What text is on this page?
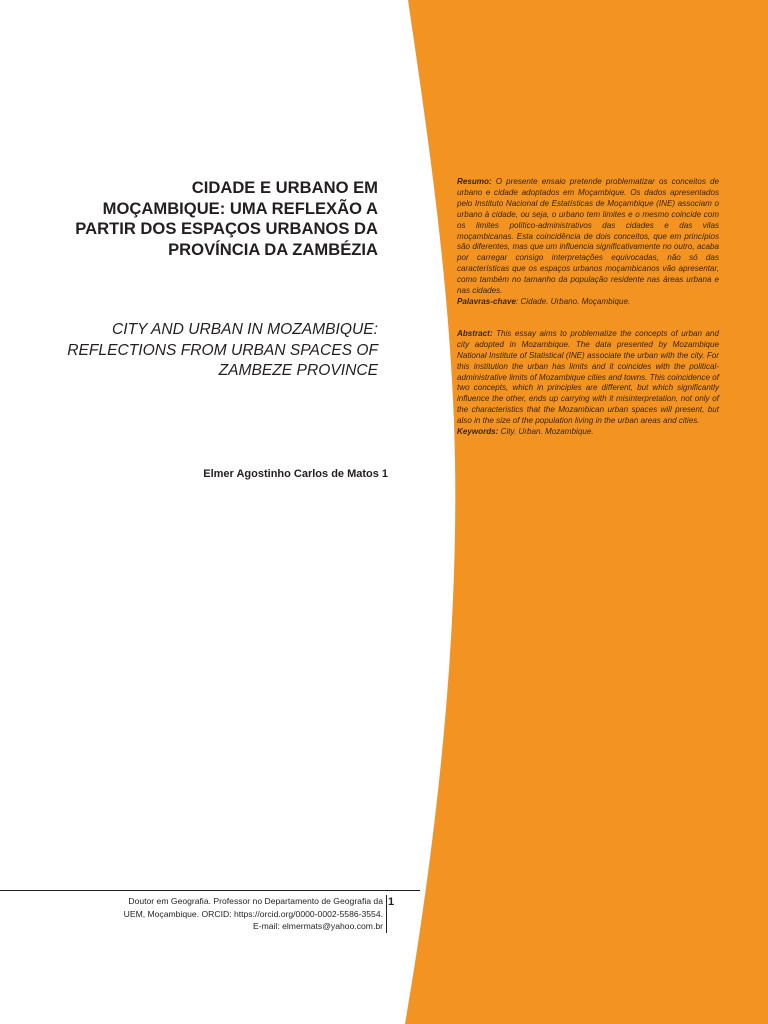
CIDADE E URBANO EM
MOÇAMBIQUE: UMA REFLEXÃO A
PARTIR DOS ESPAÇOS URBANOS DA
PROVÍNCIA DA ZAMBÉZIA
CITY AND URBAN IN MOZAMBIQUE:
REFLECTIONS FROM URBAN SPACES OF
ZAMBEZE PROVINCE
Elmer Agostinho Carlos de Matos 1

Resumo: O presente ensaio pretende problematizar os conceitos de urbano e cidade adoptados em Moçambique. Os dados apresentados pelo Instituto Nacional de Estatísticas de Moçambique (INE) associam o urbano à cidade, ou seja, o urbano tem limites e o mesmo coincide com os limites político-administrativos das cidades e das vilas moçambicanas. Esta coincidência de dois conceitos, que em princípios são diferentes, mas que um influencia significativamente no outro, acaba por carregar consigo interpretações equivocadas, não só das características que os espaços urbanos moçambicanos vão apresentar, como também no tamanho da população residente nas áreas urbana e nas cidades.

Palavras-chave: Cidade. Urbano. Moçambique.

Abstract: This essay aims to problematize the concepts of urban and city adopted in Mozambique. The data presented by Mozambique National Institute of Statistical (INE) associate the urban with the city. For this institution the urban has limits and it coincides with the political-administrative limits of Mozambique cities and towns. This coincidence of two concepts, which in principles are different, but which significantly influence the other, ends up carrying with it misinterpretation, not only of the characteristics that the Mozambican urban spaces will present, but also in the size of the population living in the urban areas and cities.

Keywords: City. Urban. Mozambique.

Doutor em Geografia. Professor no Departamento de Geografia da
UEM, Moçambique. ORCID: https://orcid.org/0000-0002-5586-3554.
E-mail: elmermats@yahoo.com.br
1
